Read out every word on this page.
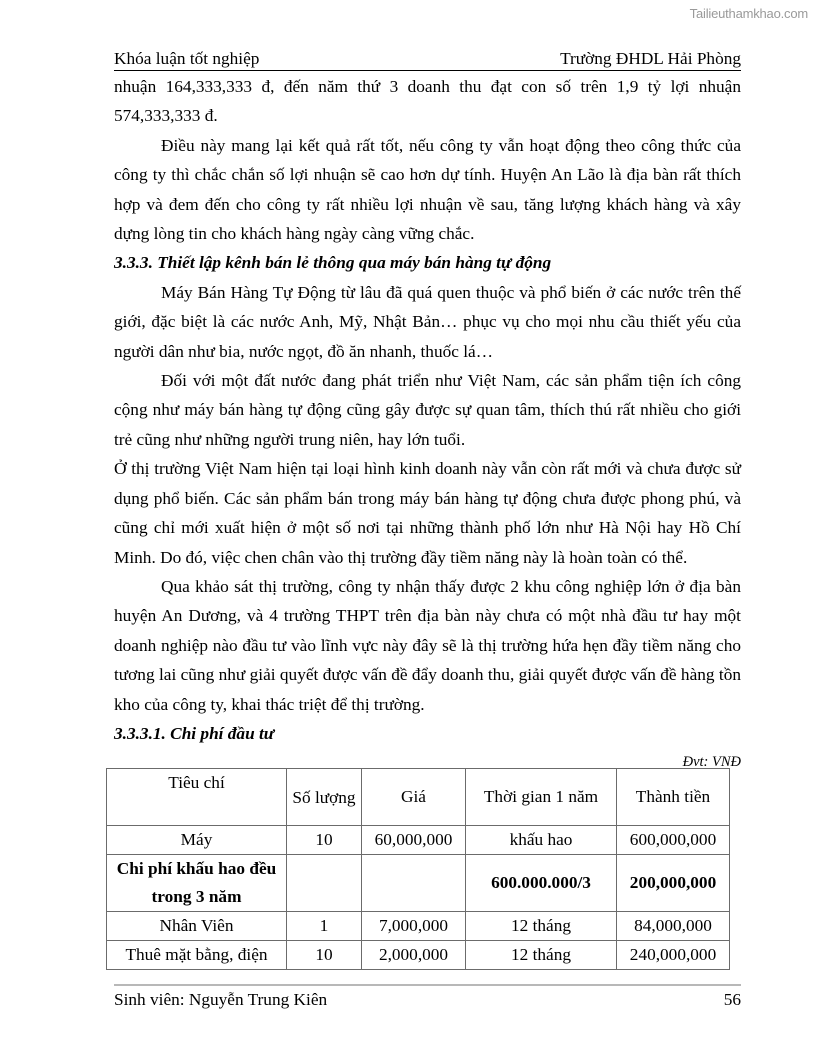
Tailieuthamkhao.com
Khóa luận tốt nghiệp	Trường ĐHDL Hải Phòng

nhuận 164,333,333 đ, đến năm thứ 3 doanh thu đạt con số trên 1,9 tỷ lợi nhuận 574,333,333 đ.

Điều này mang lại kết quả rất tốt, nếu công ty vẫn hoạt động theo công thức của công ty thì chắc chắn số lợi nhuận sẽ cao hơn dự tính. Huyện An Lão là địa bàn rất thích hợp và đem đến cho công ty rất nhiều lợi nhuận về sau, tăng lượng khách hàng và xây dựng lòng tin cho khách hàng ngày càng vững chắc.

3.3.3. Thiết lập kênh bán lẻ thông qua máy bán hàng tự động

Máy Bán Hàng Tự Động từ lâu đã quá quen thuộc và phổ biến ở các nước trên thế giới, đặc biệt là các nước Anh, Mỹ, Nhật Bản… phục vụ cho mọi nhu cầu thiết yếu của người dân như bia, nước ngọt, đồ ăn nhanh, thuốc lá…

Đối với một đất nước đang phát triển như Việt Nam, các sản phẩm tiện ích công cộng như máy bán hàng tự động cũng gây được sự quan tâm, thích thú rất nhiều cho giới trẻ cũng như những người trung niên, hay lớn tuổi.

Ở thị trường Việt Nam hiện tại loại hình kinh doanh này vẫn còn rất mới và chưa được sử dụng phổ biến. Các sản phẩm bán trong máy bán hàng tự động chưa được phong phú, và cũng chỉ mới xuất hiện ở một số nơi tại những thành phố lớn như Hà Nội hay Hồ Chí Minh. Do đó, việc chen chân vào thị trường đầy tiềm năng này là hoàn toàn có thể.

Qua khảo sát thị trường, công ty nhận thấy được 2 khu công nghiệp lớn ở địa bàn huyện An Dương, và 4 trường THPT trên địa bàn này chưa có một nhà đầu tư hay một doanh nghiệp nào đầu tư vào lĩnh vực này đây sẽ là thị trường hứa hẹn đầy tiềm năng cho tương lai cũng như giải quyết được vấn đề đẩy doanh thu, giải quyết được vấn đề hàng tồn kho của công ty, khai thác triệt để thị trường.

3.3.3.1. Chi phí đầu tư
Đvt: VNĐ
Tiêu chí	Số lượng	Giá	Thời gian 1 năm	Thành tiền
Máy	10	60,000,000	khấu hao	600,000,000
Chi phí khấu hao đều trong 3 năm			600.000.000/3	200,000,000
Nhân Viên	1	7,000,000	12 tháng	84,000,000
Thuê mặt bằng, điện	10	2,000,000	12 tháng	240,000,000
Sinh viên: Nguyễn Trung Kiên	56
